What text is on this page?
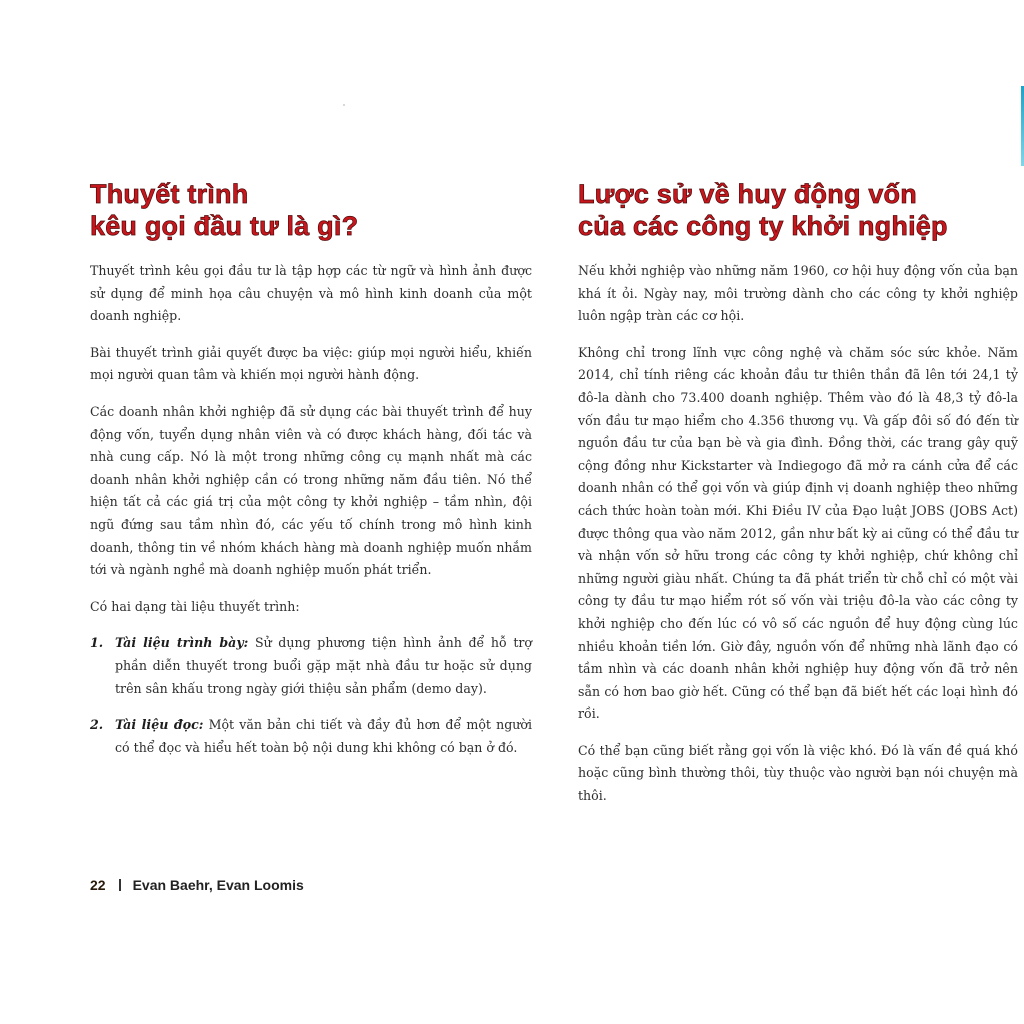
Thuyết trình
kêu gọi đầu tư là gì?

Thuyết trình kêu gọi đầu tư là tập hợp các từ ngữ và hình ảnh được sử dụng để minh họa câu chuyện và mô hình kinh doanh của một doanh nghiệp.

Bài thuyết trình giải quyết được ba việc: giúp mọi người hiểu, khiến mọi người quan tâm và khiến mọi người hành động.

Các doanh nhân khởi nghiệp đã sử dụng các bài thuyết trình để huy động vốn, tuyển dụng nhân viên và có được khách hàng, đối tác và nhà cung cấp. Nó là một trong những công cụ mạnh nhất mà các doanh nhân khởi nghiệp cần có trong những năm đầu tiên. Nó thể hiện tất cả các giá trị của một công ty khởi nghiệp – tầm nhìn, đội ngũ đứng sau tầm nhìn đó, các yếu tố chính trong mô hình kinh doanh, thông tin về nhóm khách hàng mà doanh nghiệp muốn nhắm tới và ngành nghề mà doanh nghiệp muốn phát triển.

Có hai dạng tài liệu thuyết trình:

1. Tài liệu trình bày: Sử dụng phương tiện hình ảnh để hỗ trợ phần diễn thuyết trong buổi gặp mặt nhà đầu tư hoặc sử dụng trên sân khấu trong ngày giới thiệu sản phẩm (demo day).
2. Tài liệu đọc: Một văn bản chi tiết và đầy đủ hơn để một người có thể đọc và hiểu hết toàn bộ nội dung khi không có bạn ở đó.
Lược sử về huy động vốn
của các công ty khởi nghiệp

Nếu khởi nghiệp vào những năm 1960, cơ hội huy động vốn của bạn khá ít ỏi. Ngày nay, môi trường dành cho các công ty khởi nghiệp luôn ngập tràn các cơ hội.

Không chỉ trong lĩnh vực công nghệ và chăm sóc sức khỏe. Năm 2014, chỉ tính riêng các khoản đầu tư thiên thần đã lên tới 24,1 tỷ đô-la dành cho 73.400 doanh nghiệp. Thêm vào đó là 48,3 tỷ đô-la vốn đầu tư mạo hiểm cho 4.356 thương vụ. Và gấp đôi số đó đến từ nguồn đầu tư của bạn bè và gia đình. Đồng thời, các trang gây quỹ cộng đồng như Kickstarter và Indiegogo đã mở ra cánh cửa để các doanh nhân có thể gọi vốn và giúp định vị doanh nghiệp theo những cách thức hoàn toàn mới. Khi Điều IV của Đạo luật JOBS (JOBS Act) được thông qua vào năm 2012, gần như bất kỳ ai cũng có thể đầu tư và nhận vốn sở hữu trong các công ty khởi nghiệp, chứ không chỉ những người giàu nhất. Chúng ta đã phát triển từ chỗ chỉ có một vài công ty đầu tư mạo hiểm rót số vốn vài triệu đô-la vào các công ty khởi nghiệp cho đến lúc có vô số các nguồn để huy động cùng lúc nhiều khoản tiền lớn. Giờ đây, nguồn vốn để những nhà lãnh đạo có tầm nhìn và các doanh nhân khởi nghiệp huy động vốn đã trở nên sẵn có hơn bao giờ hết. Cũng có thể bạn đã biết hết các loại hình đó rồi.

Có thể bạn cũng biết rằng gọi vốn là việc khó. Đó là vấn đề quá khó hoặc cũng bình thường thôi, tùy thuộc vào người bạn nói chuyện mà thôi.

22 Evan Baehr, Evan Loomis
